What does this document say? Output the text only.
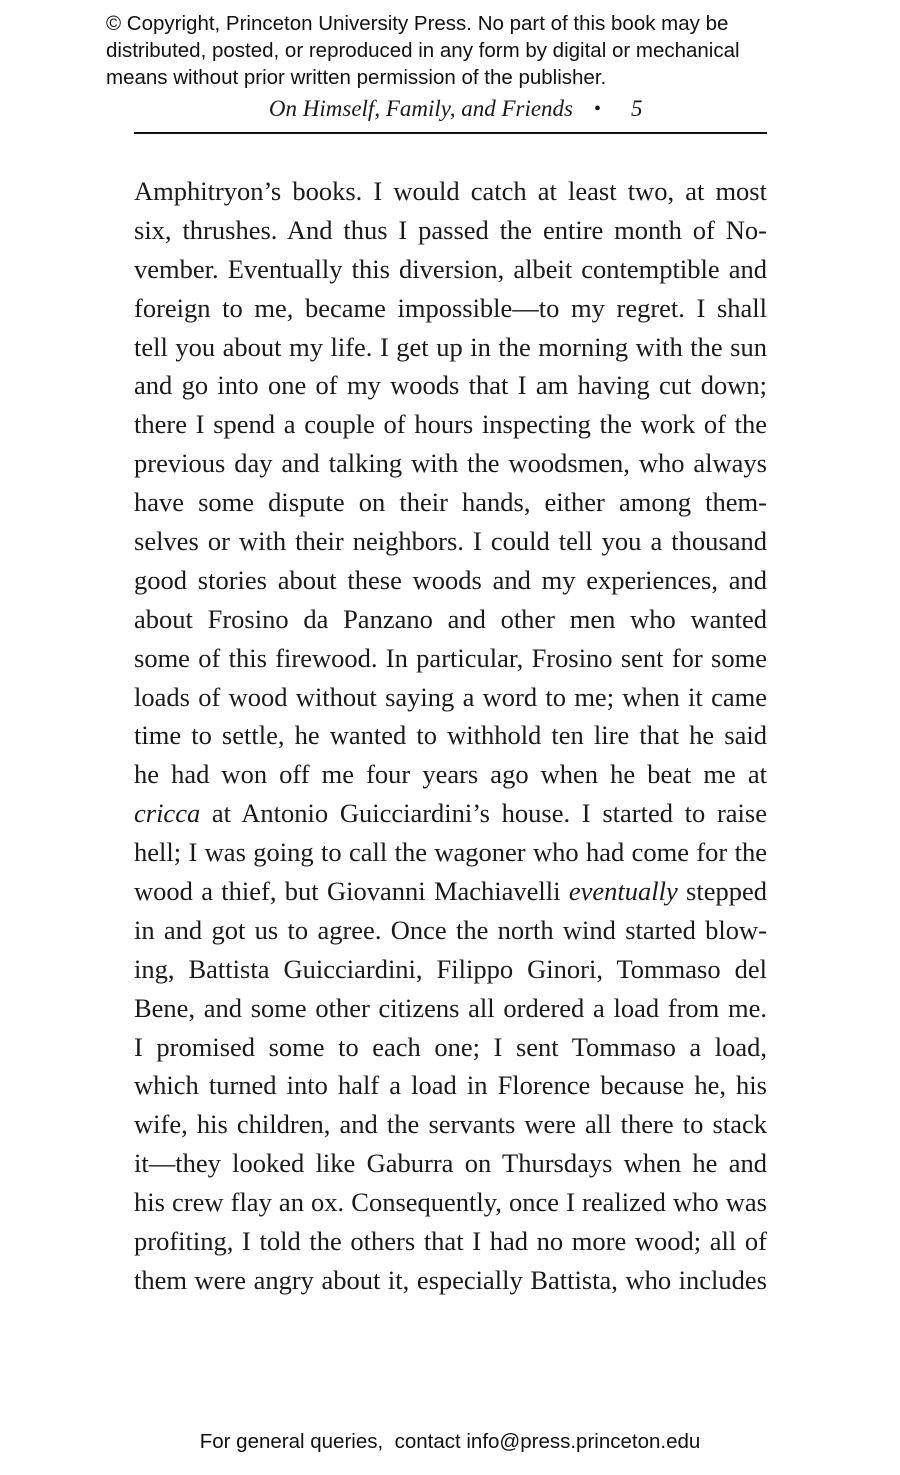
© Copyright, Princeton University Press. No part of this book may be
distributed, posted, or reproduced in any form by digital or mechanical
means without prior written permission of the publisher.
On Himself, Family, and Friends • 5
Amphitryon’s books. I would catch at least two, at most
six, thrushes. And thus I passed the entire month of No-
vember. Eventually this diversion, albeit contemptible and
foreign to me, became impossible—to my regret. I shall
tell you about my life. I get up in the morning with the sun
and go into one of my woods that I am having cut down;
there I spend a couple of hours inspecting the work of the
previous day and talking with the woodsmen, who always
have some dispute on their hands, either among them-
selves or with their neighbors. I could tell you a thousand
good stories about these woods and my experiences, and
about Frosino da Panzano and other men who wanted
some of this firewood. In particular, Frosino sent for some
loads of wood without saying a word to me; when it came
time to settle, he wanted to withhold ten lire that he said
he had won off me four years ago when he beat me at
cricca at Antonio Guicciardini’s house. I started to raise
hell; I was going to call the wagoner who had come for the
wood a thief, but Giovanni Machiavelli eventually stepped
in and got us to agree. Once the north wind started blow-
ing, Battista Guicciardini, Filippo Ginori, Tommaso del
Bene, and some other citizens all ordered a load from me.
I promised some to each one; I sent Tommaso a load,
which turned into half a load in Florence because he, his
wife, his children, and the servants were all there to stack
it—they looked like Gaburra on Thursdays when he and
his crew flay an ox. Consequently, once I realized who was
profiting, I told the others that I had no more wood; all of
them were angry about it, especially Battista, who includes
For general queries,  contact info@press.princeton.edu
